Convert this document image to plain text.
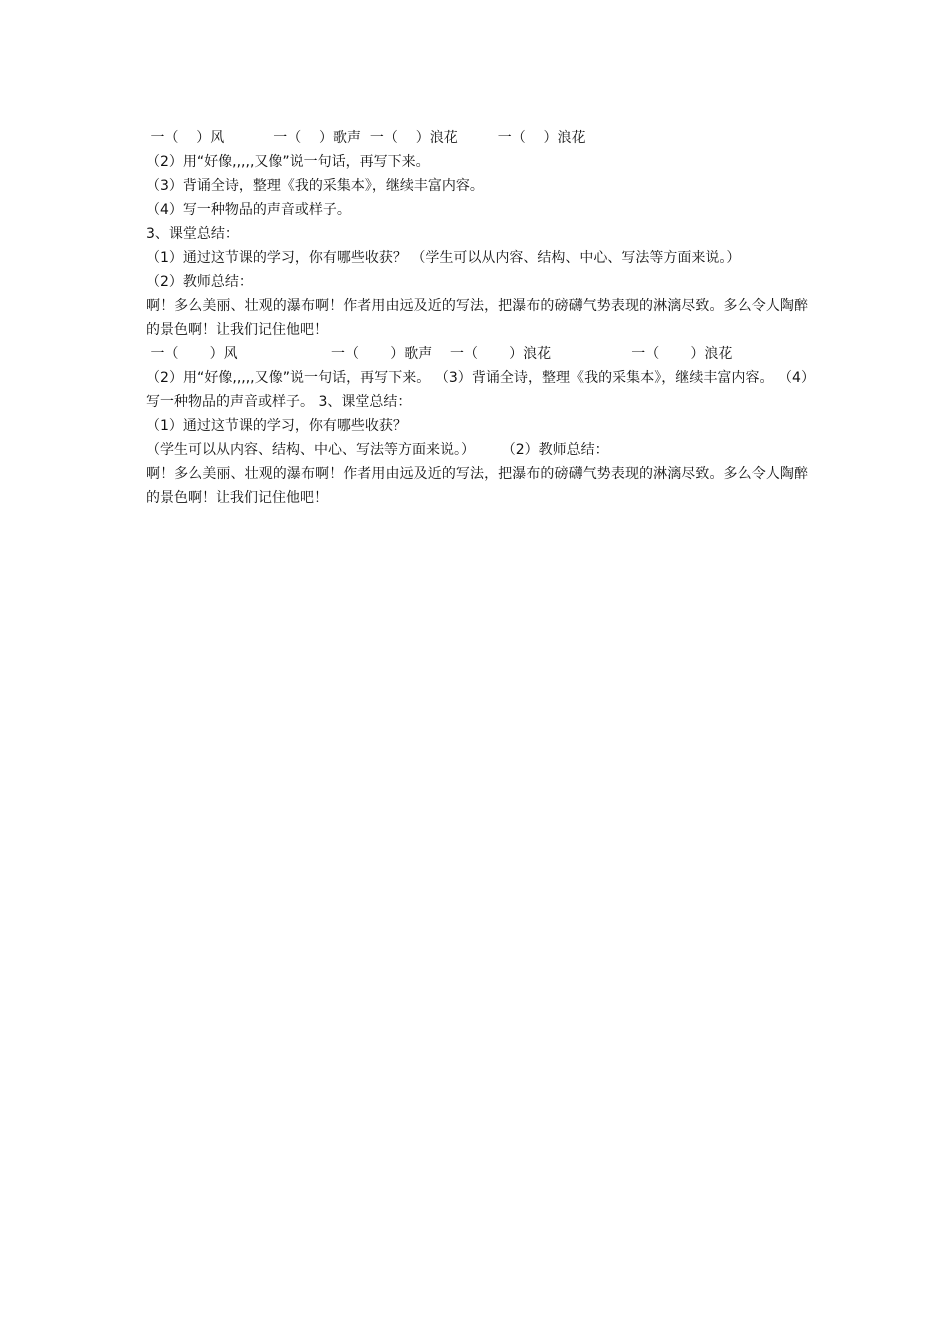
一（    ）风           一（    ）歌声  一（    ）浪花         一（    ）浪花
（2）用“好像,,,,,又像”说一句话，再写下来。
（3）背诵全诗，整理《我的采集本》，继续丰富内容。
（4）写一种物品的声音或样子。
3、课堂总结：
（1）通过这节课的学习，你有哪些收获？ （学生可以从内容、结构、中心、写法等方面来说。）
（2）教师总结：
啊！多么美丽、壮观的瀑布啊！作者用由远及近的写法，把瀑布的磅礴气势表现的淋漓尽致。多么令人陶醉的景色啊！让我们记住他吧！
一（       ）风                     一（       ）歌声    一（       ）浪花                  一（       ）浪花
（2）用“好像,,,,,又像”说一句话，再写下来。 （3）背诵全诗，整理《我的采集本》，继续丰富内容。 （4）写一种物品的声音或样子。 3、课堂总结：
（1）通过这节课的学习，你有哪些收获？
（学生可以从内容、结构、中心、写法等方面来说。）      （2）教师总结：
啊！多么美丽、壮观的瀑布啊！作者用由远及近的写法，把瀑布的磅礴气势表现的淋漓尽致。多么令人陶醉的景色啊！让我们记住他吧！
